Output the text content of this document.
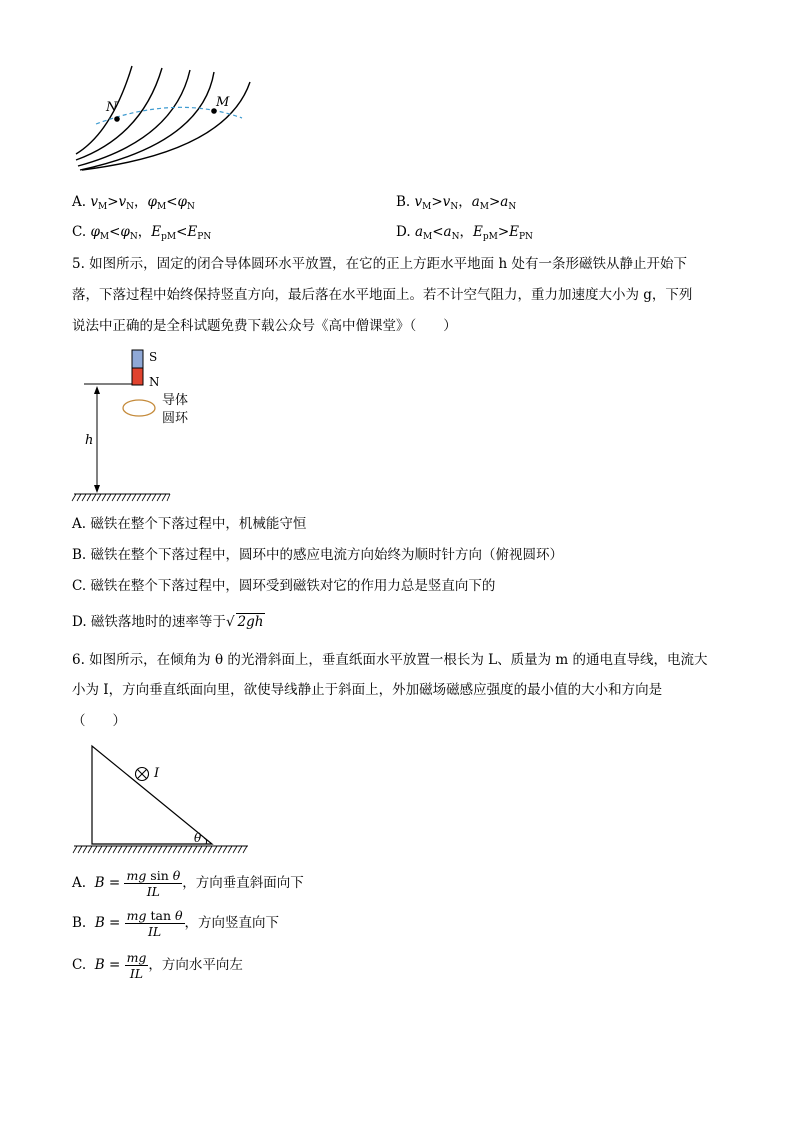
N	M
A. $v_M>v_N$，$\varphi_M<\varphi_N$	B. $v_M>v_N$，$a_M>a_N$
C. $\varphi_M<\varphi_N$，$E_{pM}<E_{PN}$	D. $a_M<a_N$，$E_{pM}>E_{PN}$
5. 如图所示，固定的闭合导体圆环水平放置，在它的正上方距水平地面 h 处有一条形磁铁从静止开始下
落，下落过程中始终保持竖直方向，最后落在水平地面上。若不计空气阻力，重力加速度大小为 g，下列
说法中正确的是全科试题免费下载公众号《高中僧课堂》（　　）
S
N
导体
圆环
h
A. 磁铁在整个下落过程中，机械能守恒
B. 磁铁在整个下落过程中，圆环中的感应电流方向始终为顺时针方向（俯视圆环）
C. 磁铁在整个下落过程中，圆环受到磁铁对它的作用力总是竖直向下的
D. 磁铁落地时的速率等于√ 2gh
6. 如图所示，在倾角为 θ 的光滑斜面上，垂直纸面水平放置一根长为 L、质量为 m 的通电直导线，电流大
小为 I，方向垂直纸面向里，欲使导线静止于斜面上，外加磁场磁感应强度的最小值的大小和方向是
（　　）
I
θ
A. $B = \frac{\text{mg sin θ}}{IL}$ ，方向垂直斜面向下
B. $B = \frac{\text{mg tan θ}}{IL}$ ，方向竖直向下
C. $B = \frac{mg}{IL}$ ，方向水平向左
